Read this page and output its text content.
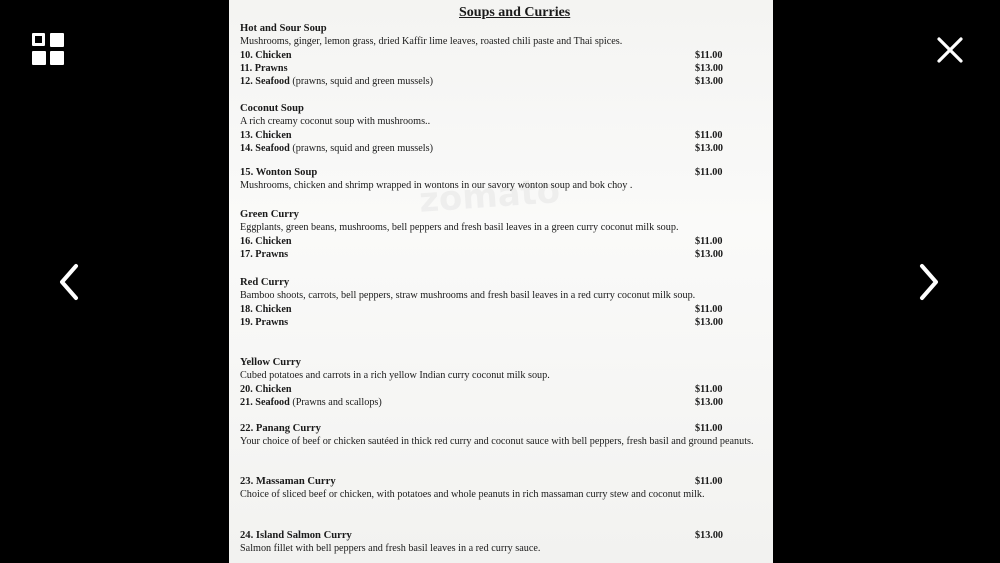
Soups and Curries
Hot and Sour Soup
Mushrooms, ginger, lemon grass, dried Kaffir lime leaves, roasted chili paste and Thai spices.
10. Chicken	$11.00
11. Prawns	$13.00
12. Seafood (prawns, squid and green mussels)	$13.00
Coconut Soup
A rich creamy coconut soup with mushrooms..
13. Chicken	$11.00
14. Seafood (prawns, squid and green mussels)	$13.00
15. Wonton Soup	$11.00
Mushrooms, chicken and shrimp wrapped in wontons in our savory wonton soup and bok choy .
Green Curry
Eggplants, green beans, mushrooms, bell peppers and fresh basil leaves in a green curry coconut milk soup.
16. Chicken	$11.00
17. Prawns	$13.00
Red Curry
Bamboo shoots, carrots, bell peppers, straw mushrooms and fresh basil leaves in a red curry coconut milk soup.
18. Chicken	$11.00
19. Prawns	$13.00
Yellow Curry
Cubed potatoes and carrots in a rich yellow Indian curry coconut milk soup.
20. Chicken	$11.00
21. Seafood (Prawns and scallops)	$13.00
22. Panang Curry	$11.00
Your choice of beef or chicken sautéed in thick red curry and coconut sauce with bell peppers, fresh basil and ground peanuts.
23. Massaman Curry	$11.00
Choice of sliced beef or chicken, with potatoes and whole peanuts in rich massaman curry stew and coconut milk.
24. Island Salmon Curry	$13.00
Salmon fillet with bell peppers and fresh basil leaves in a red curry sauce.
